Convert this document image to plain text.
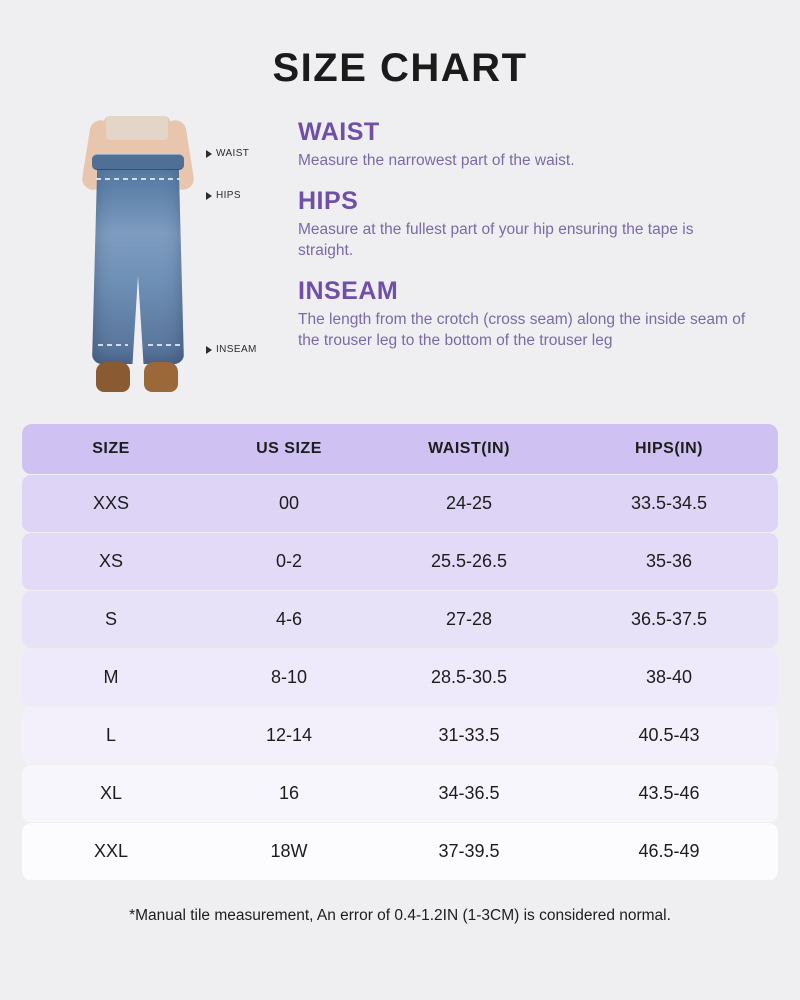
SIZE CHART
WAIST
HIPS
INSEAM
WAIST

Measure the narrowest part of the waist.

HIPS

Measure at the fullest part of your hip ensuring the tape is straight.

INSEAM

The length from the crotch (cross seam) along the inside seam of the trouser leg to the bottom of the trouser leg

SIZE	US SIZE	WAIST(IN)	HIPS(IN)
XXS	00	24-25	33.5-34.5
XS	0-2	25.5-26.5	35-36
S	4-6	27-28	36.5-37.5
M	8-10	28.5-30.5	38-40
L	12-14	31-33.5	40.5-43
XL	16	34-36.5	43.5-46
XXL	18W	37-39.5	46.5-49
*Manual tile measurement, An error of 0.4-1.2IN (1-3CM) is considered normal.
